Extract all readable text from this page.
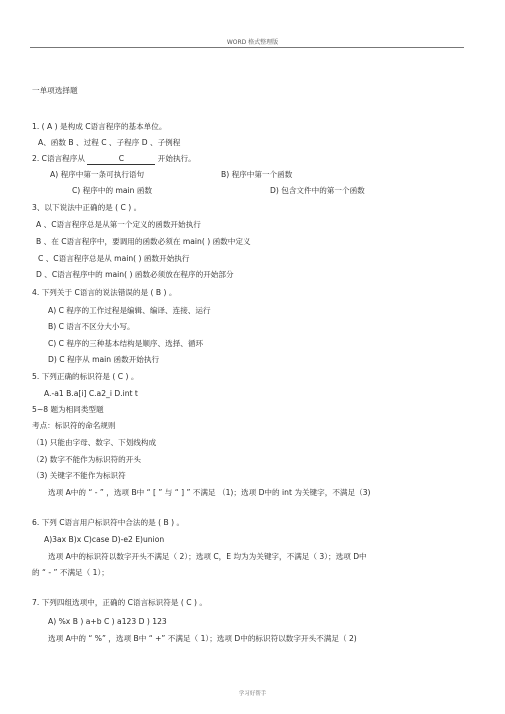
WORD 格式整理版
一单项选择题
1. ( A ) 是构成 C语言程序的基本单位。
A、函数 B 、过程 C 、子程序 D 、子例程
2. C语言程序从	C	开始执行。
A) 程序中第一条可执行语句	B) 程序中第一个函数
C) 程序中的 main 函数	D) 包含文件中的第一个函数
3、以下说法中正确的是 ( C ) 。
A 、C语言程序总是从第一个定义的函数开始执行
B 、在 C语言程序中，要调用的函数必须在 main( ) 函数中定义
C 、C语言程序总是从 main( ) 函数开始执行
D 、C语言程序中的 main( ) 函数必须放在程序的开始部分
4. 下列关于 C语言的说法错误的是 ( B ) 。
A) C 程序的工作过程是编辑、编译、连接、运行
B) C 语言不区分大小写。
C) C 程序的三种基本结构是顺序、选择、循环
D) C 程序从 main 函数开始执行
5. 下列正确的标识符是 ( C ) 。
A.-a1 B.a[i] C.a2_i D.int t
5~8 题为相同类型题
考点：标识符的命名规则
（1) 只能由字母、数字、下划线构成
（2) 数字不能作为标识符的开头
（3) 关键字不能作为标识符
选项 A中的 “ - ” ，选项 B中 “ [ ” 与 “ ] ” 不满足 （1)；选项 D中的 int 为关键字，不满足（3)
6. 下列 C语言用户标识符中合法的是 ( B ) 。
A)3ax B)x C)case D)-e2 E)union
选项 A中的标识符以数字开头不满足（ 2）；选项 C，E 均为为关键字，不满足（ 3）；选项 D中
的 “ - ” 不满足（ 1）；
7. 下列四组选项中，正确的 C语言标识符是 ( C ) 。
A) %x B ) a+b C ) a123 D ) 123
选项 A中的 “ %” ，选项 B中 “ +” 不满足（ 1）；选项 D中的标识符以数字开头不满足（ 2)
学习好帮手
